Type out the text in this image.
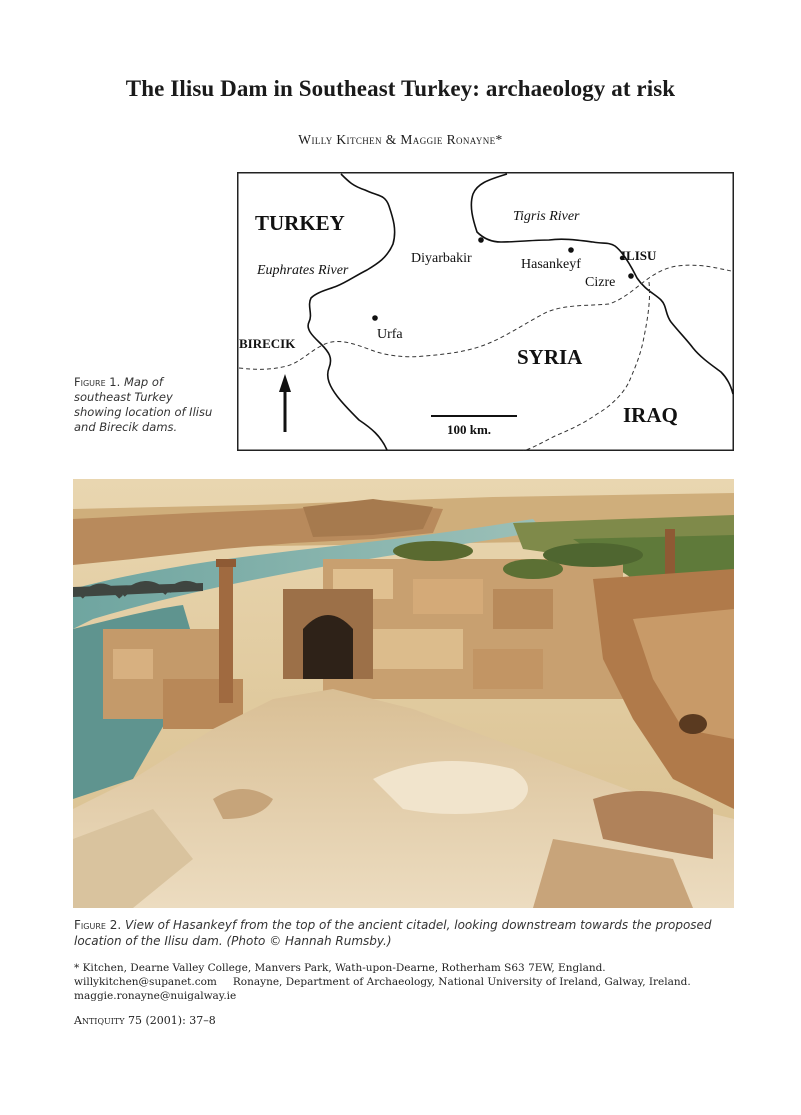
The Ilisu Dam in Southeast Turkey: archaeology at risk
Willy Kitchen & Maggie Ronayne*
TURKEY	Tigris River
Euphrates River
Diyarbakir	Hasankeyf
ILISU
Cizre
Urfa
BIRECIK
SYRIA
IRAQ
100 km.
Figure 1. Map of southeast Turkey showing location of Ilisu and Birecik dams.
Figure 2. View of Hasankeyf from the top of the ancient citadel, looking downstream towards the proposed location of the Ilisu dam. (Photo © Hannah Rumsby.)
* Kitchen, Dearne Valley College, Manvers Park, Wath-upon-Dearne, Rotherham S63 7EW, England.
willykitchen@supanet.com Ronayne, Department of Archaeology, National University of Ireland, Galway, Ireland.
maggie.ronayne@nuigalway.ie
Antiquity 75 (2001): 37–8
